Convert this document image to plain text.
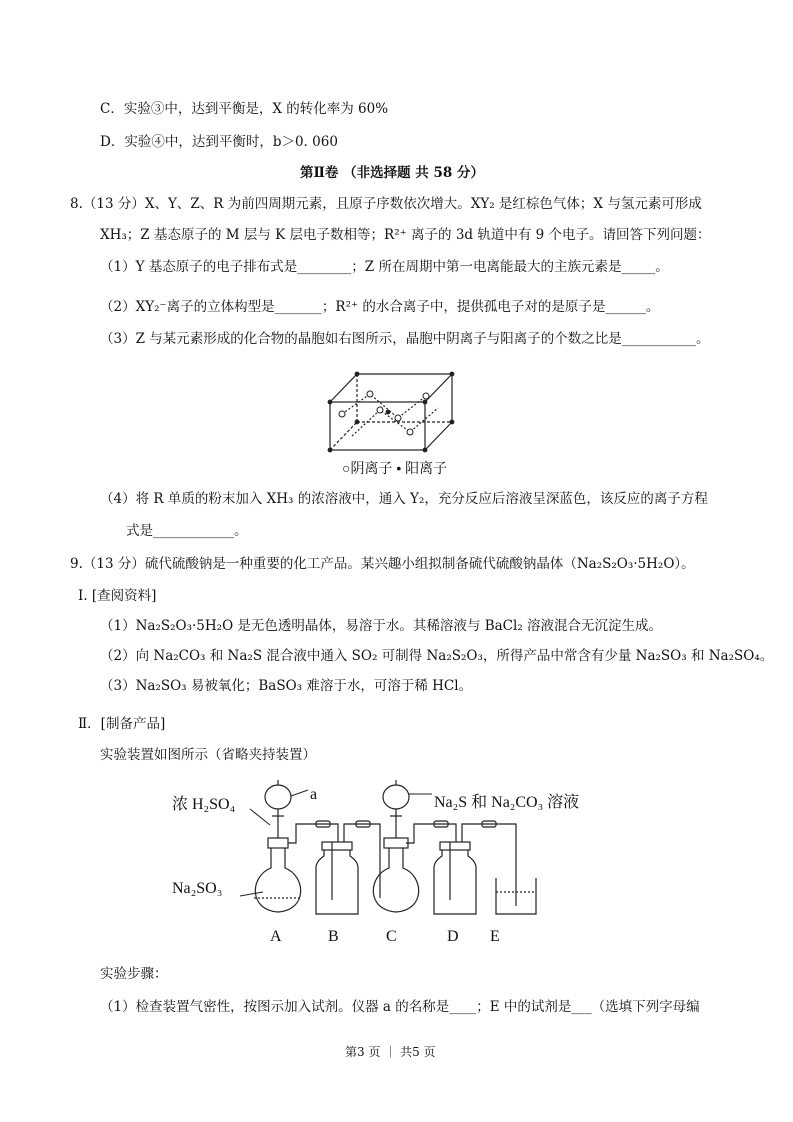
C．实验③中，达到平衡是，X 的转化率为 60%
D．实验④中，达到平衡时，b＞0. 060
第Ⅱ卷 （非选择题 共 58 分）
8.（13 分）X、Y、Z、R 为前四周期元素，且原子序数依次增大。XY₂ 是红棕色气体；X 与氢元素可形成
XH₃；Z 基态原子的 M 层与 K 层电子数相等；R²⁺ 离子的 3d 轨道中有 9 个电子。请回答下列问题：
（1）Y 基态原子的电子排布式是________；Z 所在周期中第一电离能最大的主族元素是_____。
（2）XY₂⁻离子的立体构型是_______；R²⁺ 的水合离子中，提供孤电子对的是原子是______。
（3）Z 与某元素形成的化合物的晶胞如右图所示，晶胞中阴离子与阳离子的个数之比是___________。
○阴离子 • 阳离子
（4）将 R 单质的粉末加入 XH₃ 的浓溶液中，通入 Y₂，充分反应后溶液呈深蓝色，该反应的离子方程
式是____________。
9.（13 分）硫代硫酸钠是一种重要的化工产品。某兴趣小组拟制备硫代硫酸钠晶体（Na₂S₂O₃·5H₂O）。
I. [查阅资料]
（1）Na₂S₂O₃·5H₂O 是无色透明晶体，易溶于水。其稀溶液与 BaCl₂ 溶液混合无沉淀生成。
（2）向 Na₂CO₃ 和 Na₂S 混合液中通入 SO₂ 可制得 Na₂S₂O₃，所得产品中常含有少量 Na₂SO₃ 和 Na₂SO₄。
（3）Na₂SO₃ 易被氧化；BaSO₃ 难溶于水，可溶于稀 HCl。
Ⅱ．[制备产品]
实验装置如图所示（省略夹持装置）
浓 H₂SO₄
a	Na₂S 和 Na₂CO₃ 溶液
Na₂SO₃
A	B	C	D E
实验步骤：
（1）检查装置气密性，按图示加入试剂。仪器 a 的名称是____；E 中的试剂是___（选填下列字母编
第3 页 ｜ 共5 页
